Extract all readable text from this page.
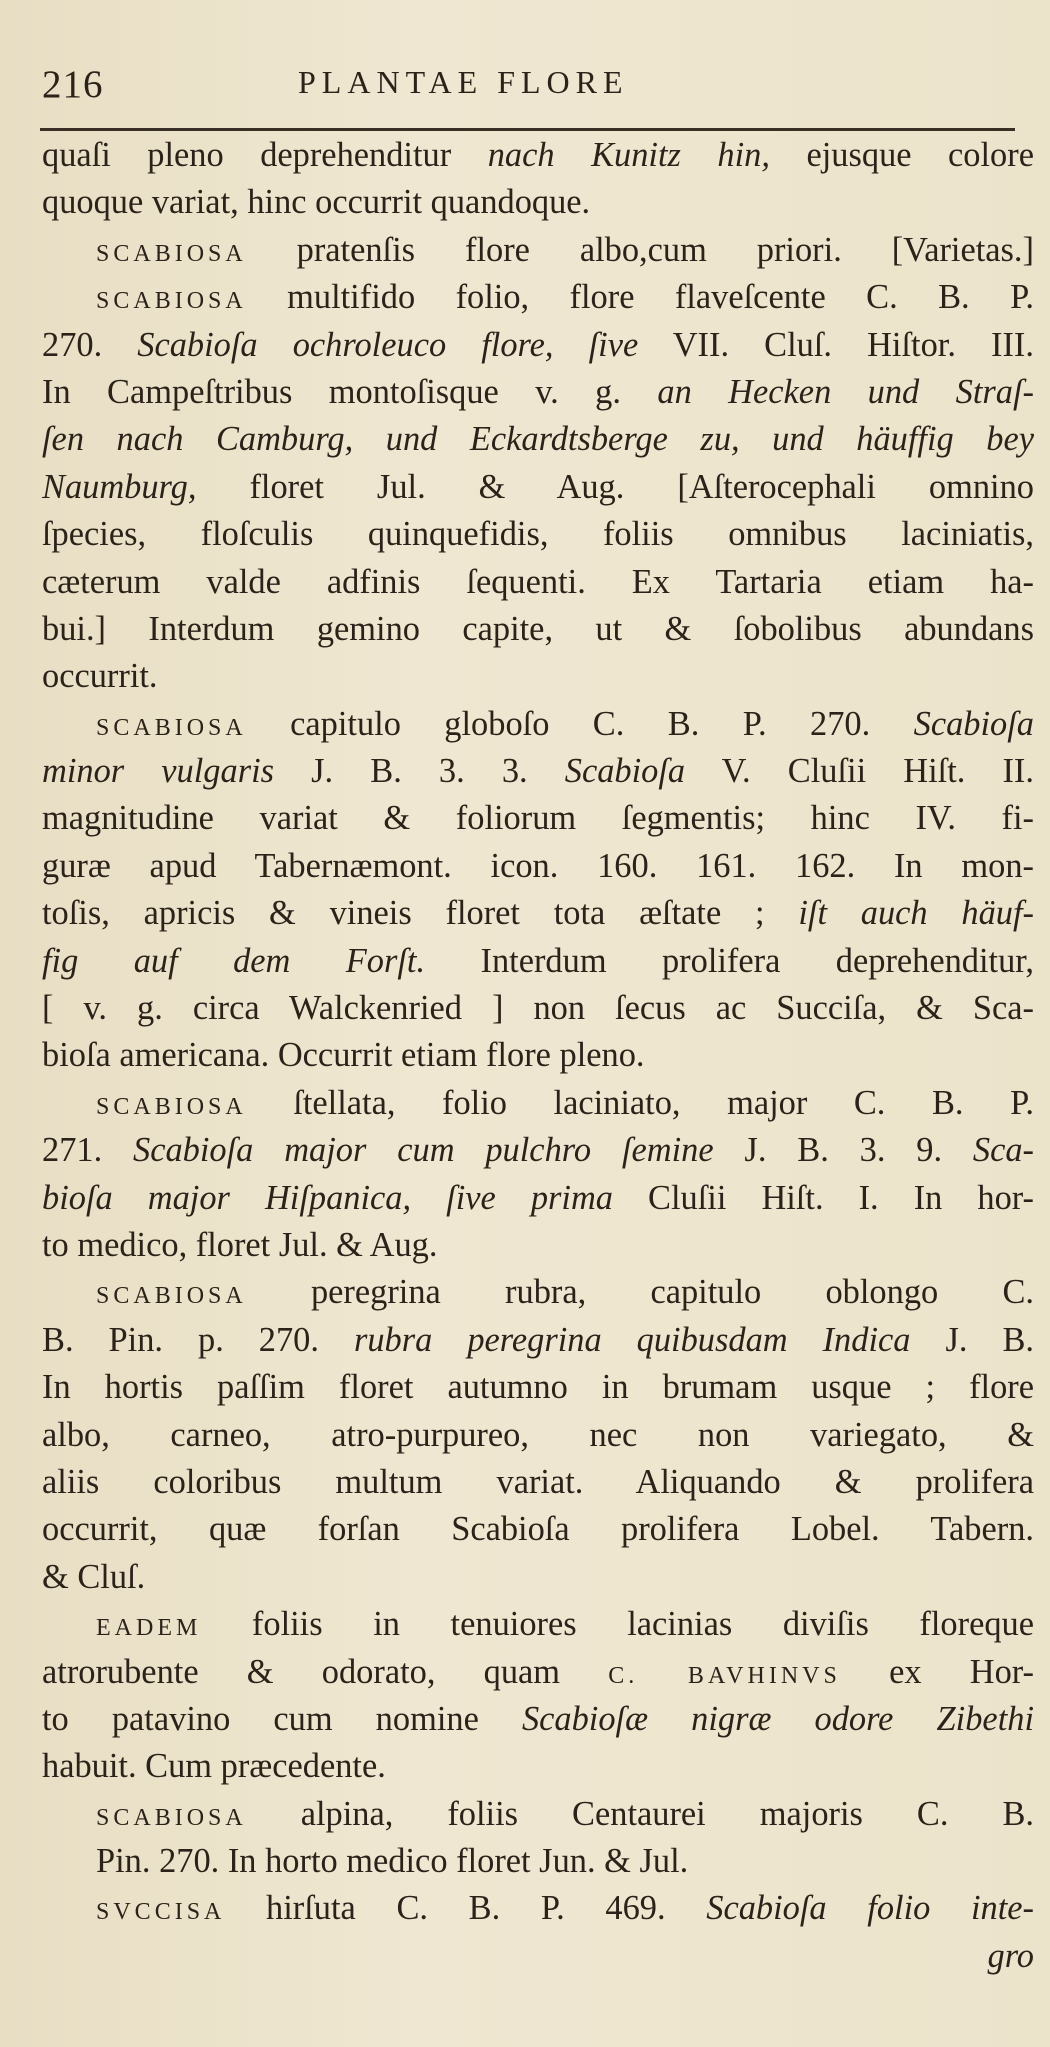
216	PLANTAE FLORE
quaſi pleno deprehenditur nach Kunitz hin, ejusque colore
quoque variat, hinc occurrit quandoque.
SCABIOSA pratenſis flore albo,cum priori. [Varietas.]
SCABIOSA multifido folio, flore flaveſcente C. B. P.
270. Scabioſa ochroleuco flore, ſive VII. Cluſ. Hiſtor. III.
In Campeſtribus montoſisque v. g. an Hecken und Straſ-
ſen nach Camburg, und Eckardtsberge zu, und häuffig bey
Naumburg, floret Jul. & Aug. [Aſterocephali omnino
ſpecies, floſculis quinquefidis, foliis omnibus laciniatis,
cæterum valde adfinis ſequenti. Ex Tartaria etiam ha-
bui.] Interdum gemino capite, ut & ſobolibus abundans
occurrit.
SCABIOSA capitulo globoſo C. B. P. 270. Scabioſa
minor vulgaris J. B. 3. 3. Scabioſa V. Cluſii Hiſt. II.
magnitudine variat & foliorum ſegmentis; hinc IV. fi-
guræ apud Tabernæmont. icon. 160. 161. 162. In mon-
toſis, apricis & vineis floret tota æſtate ; iſt auch häuf-
fig auf dem Forſt. Interdum prolifera deprehenditur,
[ v. g. circa Walckenried ] non ſecus ac Succiſa, & Sca-
bioſa americana. Occurrit etiam flore pleno.
SCABIOSA ſtellata, folio laciniato, major C. B. P.
271. Scabioſa major cum pulchro ſemine J. B. 3. 9. Sca-
bioſa major Hiſpanica, ſive prima Cluſii Hiſt. I. In hor-
to medico, floret Jul. & Aug.
SCABIOSA peregrina rubra, capitulo oblongo C.
B. Pin. p. 270. rubra peregrina quibusdam Indica J. B.
In hortis paſſim floret autumno in brumam usque ; flore
albo, carneo, atro-purpureo, nec non variegato, &
aliis coloribus multum variat. Aliquando & prolifera
occurrit, quæ forſan Scabioſa prolifera Lobel. Tabern.
& Cluſ.
EADEM foliis in tenuiores lacinias diviſis floreque
atrorubente & odorato, quam C. BAVHINVS ex Hor-
to patavino cum nomine Scabioſæ nigræ odore Zibethi
habuit. Cum præcedente.
SCABIOSA alpina, foliis Centaurei majoris C. B.
Pin. 270. In horto medico floret Jun. & Jul.
SVCCISA hirſuta C. B. P. 469. Scabioſa folio inte-
gro
